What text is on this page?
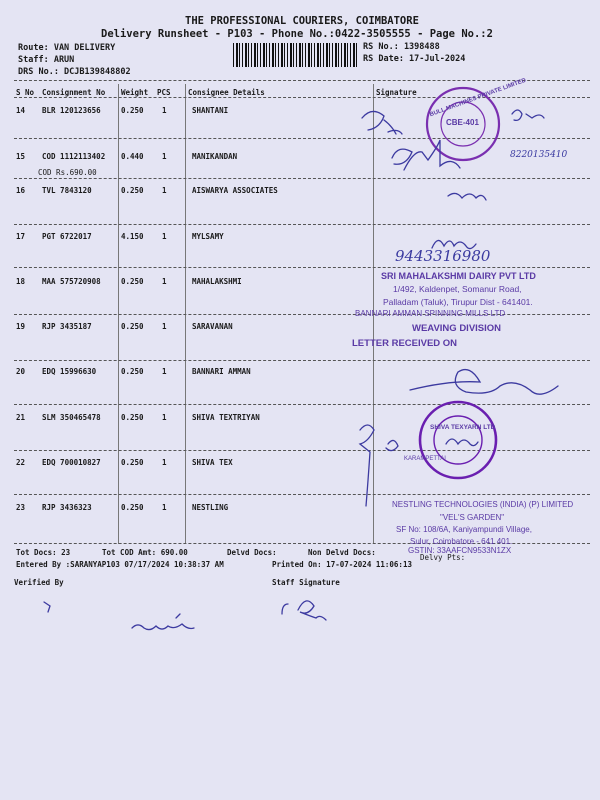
THE PROFESSIONAL COURIERS, COIMBATORE
Delivery Runsheet - P103 - Phone No.:0422-3505555 - Page No.:2
Route: VAN DELIVERY
Staff: ARUN
DRS No.: DCJB139848802
RS No.: 1398488
RS Date: 17-Jul-2024
S No Consignment No Weight PCS Consignee Details	Signature
14 BLR 120123656	0.250 1	SHANTANI
15 COD 1112113402 0.440 1	MANIKANDAN
COD Rs.690.00
16 TVL 7843120	0.250 1	AISWARYA ASSOCIATES
17 PGT 6722017	4.150 1	MYLSAMY
18 MAA 575720908	0.250 1	MAHALAKSHMI
19 RJP 3435187	0.250 1	SARAVANAN
20 EDQ 15996630	0.250 1	BANNARI AMMAN
21 SLM 350465478	0.250 1	SHIVA TEXTRIYAN
22 EDQ 700010827	0.250 1	SHIVA TEX
23 RJP 3436323	0.250 1	NESTLING
Tot Docs: 23	Tot COD Amt: 690.00	Delvd Docs:	Non Delvd Docs:
Entered By :SARANYAP103 07/17/2024 10:38:37 AM	Printed On: 17-07-2024 11:06:13
Verified By	Staff Signature
BULL MACHINES PRIVATE LIMITED
CBE-401
8220135410
9443316980
SRI MAHALAKSHMI DAIRY PVT LTD
1/492, Kaldenpet, Somanur Road,
Palladam (Taluk), Tirupur Dist - 641401.
BANNARI AMMAN SPINNING MILLS LTD
WEAVING DIVISION
LETTER RECEIVED ON
SHIVA TEXYARN LTD
KARAMPETTAI
NESTLING TECHNOLOGIES (INDIA) (P) LIMITED
"VEL'S GARDEN"
SF No: 108/6A, Kaniyampundi Village,
Sulur, Coimbatore - 641 401.
GSTIN: 33AAFCN9533N1ZX
Delvy Pts:
